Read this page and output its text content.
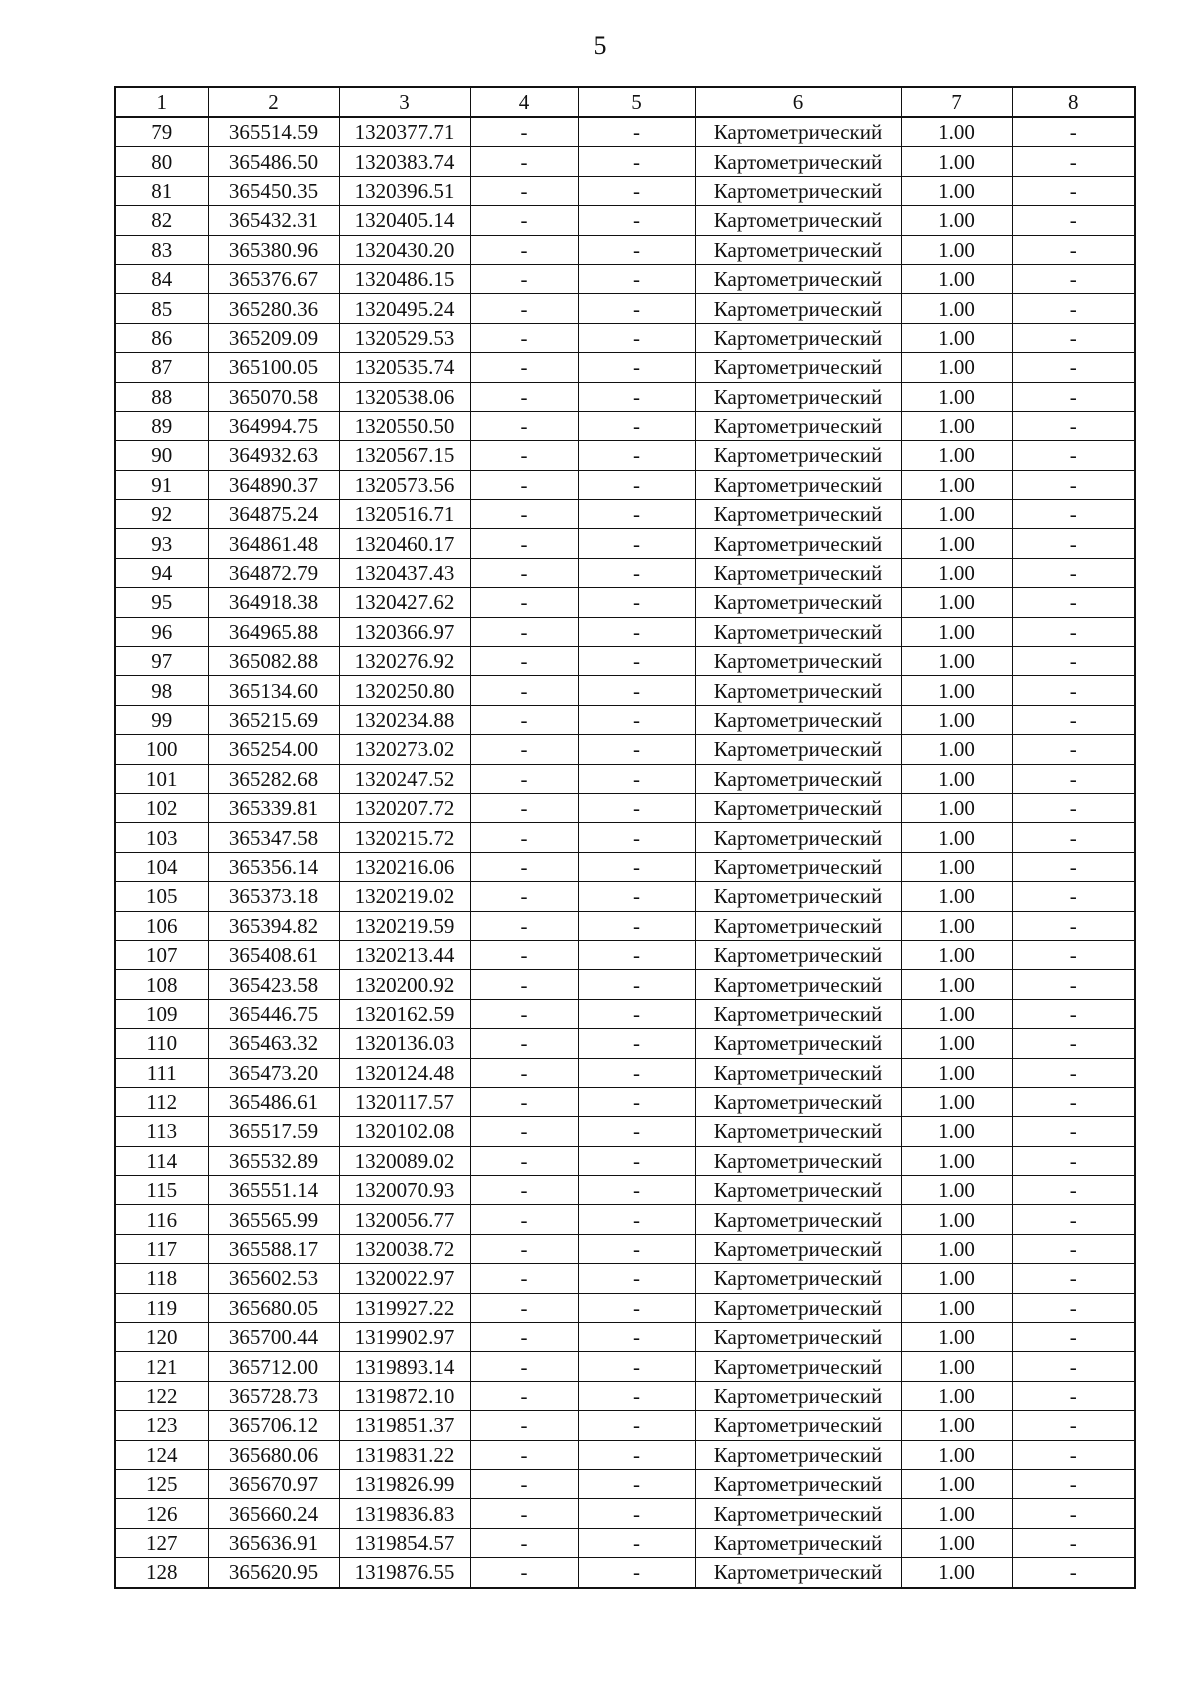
5
1	2	3	4	5	6	7	8
79	365514.59	1320377.71	-	-	Картометрический	1.00	-
80	365486.50	1320383.74	-	-	Картометрический	1.00	-
81	365450.35	1320396.51	-	-	Картометрический	1.00	-
82	365432.31	1320405.14	-	-	Картометрический	1.00	-
83	365380.96	1320430.20	-	-	Картометрический	1.00	-
84	365376.67	1320486.15	-	-	Картометрический	1.00	-
85	365280.36	1320495.24	-	-	Картометрический	1.00	-
86	365209.09	1320529.53	-	-	Картометрический	1.00	-
87	365100.05	1320535.74	-	-	Картометрический	1.00	-
88	365070.58	1320538.06	-	-	Картометрический	1.00	-
89	364994.75	1320550.50	-	-	Картометрический	1.00	-
90	364932.63	1320567.15	-	-	Картометрический	1.00	-
91	364890.37	1320573.56	-	-	Картометрический	1.00	-
92	364875.24	1320516.71	-	-	Картометрический	1.00	-
93	364861.48	1320460.17	-	-	Картометрический	1.00	-
94	364872.79	1320437.43	-	-	Картометрический	1.00	-
95	364918.38	1320427.62	-	-	Картометрический	1.00	-
96	364965.88	1320366.97	-	-	Картометрический	1.00	-
97	365082.88	1320276.92	-	-	Картометрический	1.00	-
98	365134.60	1320250.80	-	-	Картометрический	1.00	-
99	365215.69	1320234.88	-	-	Картометрический	1.00	-
100	365254.00	1320273.02	-	-	Картометрический	1.00	-
101	365282.68	1320247.52	-	-	Картометрический	1.00	-
102	365339.81	1320207.72	-	-	Картометрический	1.00	-
103	365347.58	1320215.72	-	-	Картометрический	1.00	-
104	365356.14	1320216.06	-	-	Картометрический	1.00	-
105	365373.18	1320219.02	-	-	Картометрический	1.00	-
106	365394.82	1320219.59	-	-	Картометрический	1.00	-
107	365408.61	1320213.44	-	-	Картометрический	1.00	-
108	365423.58	1320200.92	-	-	Картометрический	1.00	-
109	365446.75	1320162.59	-	-	Картометрический	1.00	-
110	365463.32	1320136.03	-	-	Картометрический	1.00	-
111	365473.20	1320124.48	-	-	Картометрический	1.00	-
112	365486.61	1320117.57	-	-	Картометрический	1.00	-
113	365517.59	1320102.08	-	-	Картометрический	1.00	-
114	365532.89	1320089.02	-	-	Картометрический	1.00	-
115	365551.14	1320070.93	-	-	Картометрический	1.00	-
116	365565.99	1320056.77	-	-	Картометрический	1.00	-
117	365588.17	1320038.72	-	-	Картометрический	1.00	-
118	365602.53	1320022.97	-	-	Картометрический	1.00	-
119	365680.05	1319927.22	-	-	Картометрический	1.00	-
120	365700.44	1319902.97	-	-	Картометрический	1.00	-
121	365712.00	1319893.14	-	-	Картометрический	1.00	-
122	365728.73	1319872.10	-	-	Картометрический	1.00	-
123	365706.12	1319851.37	-	-	Картометрический	1.00	-
124	365680.06	1319831.22	-	-	Картометрический	1.00	-
125	365670.97	1319826.99	-	-	Картометрический	1.00	-
126	365660.24	1319836.83	-	-	Картометрический	1.00	-
127	365636.91	1319854.57	-	-	Картометрический	1.00	-
128	365620.95	1319876.55	-	-	Картометрический	1.00	-
